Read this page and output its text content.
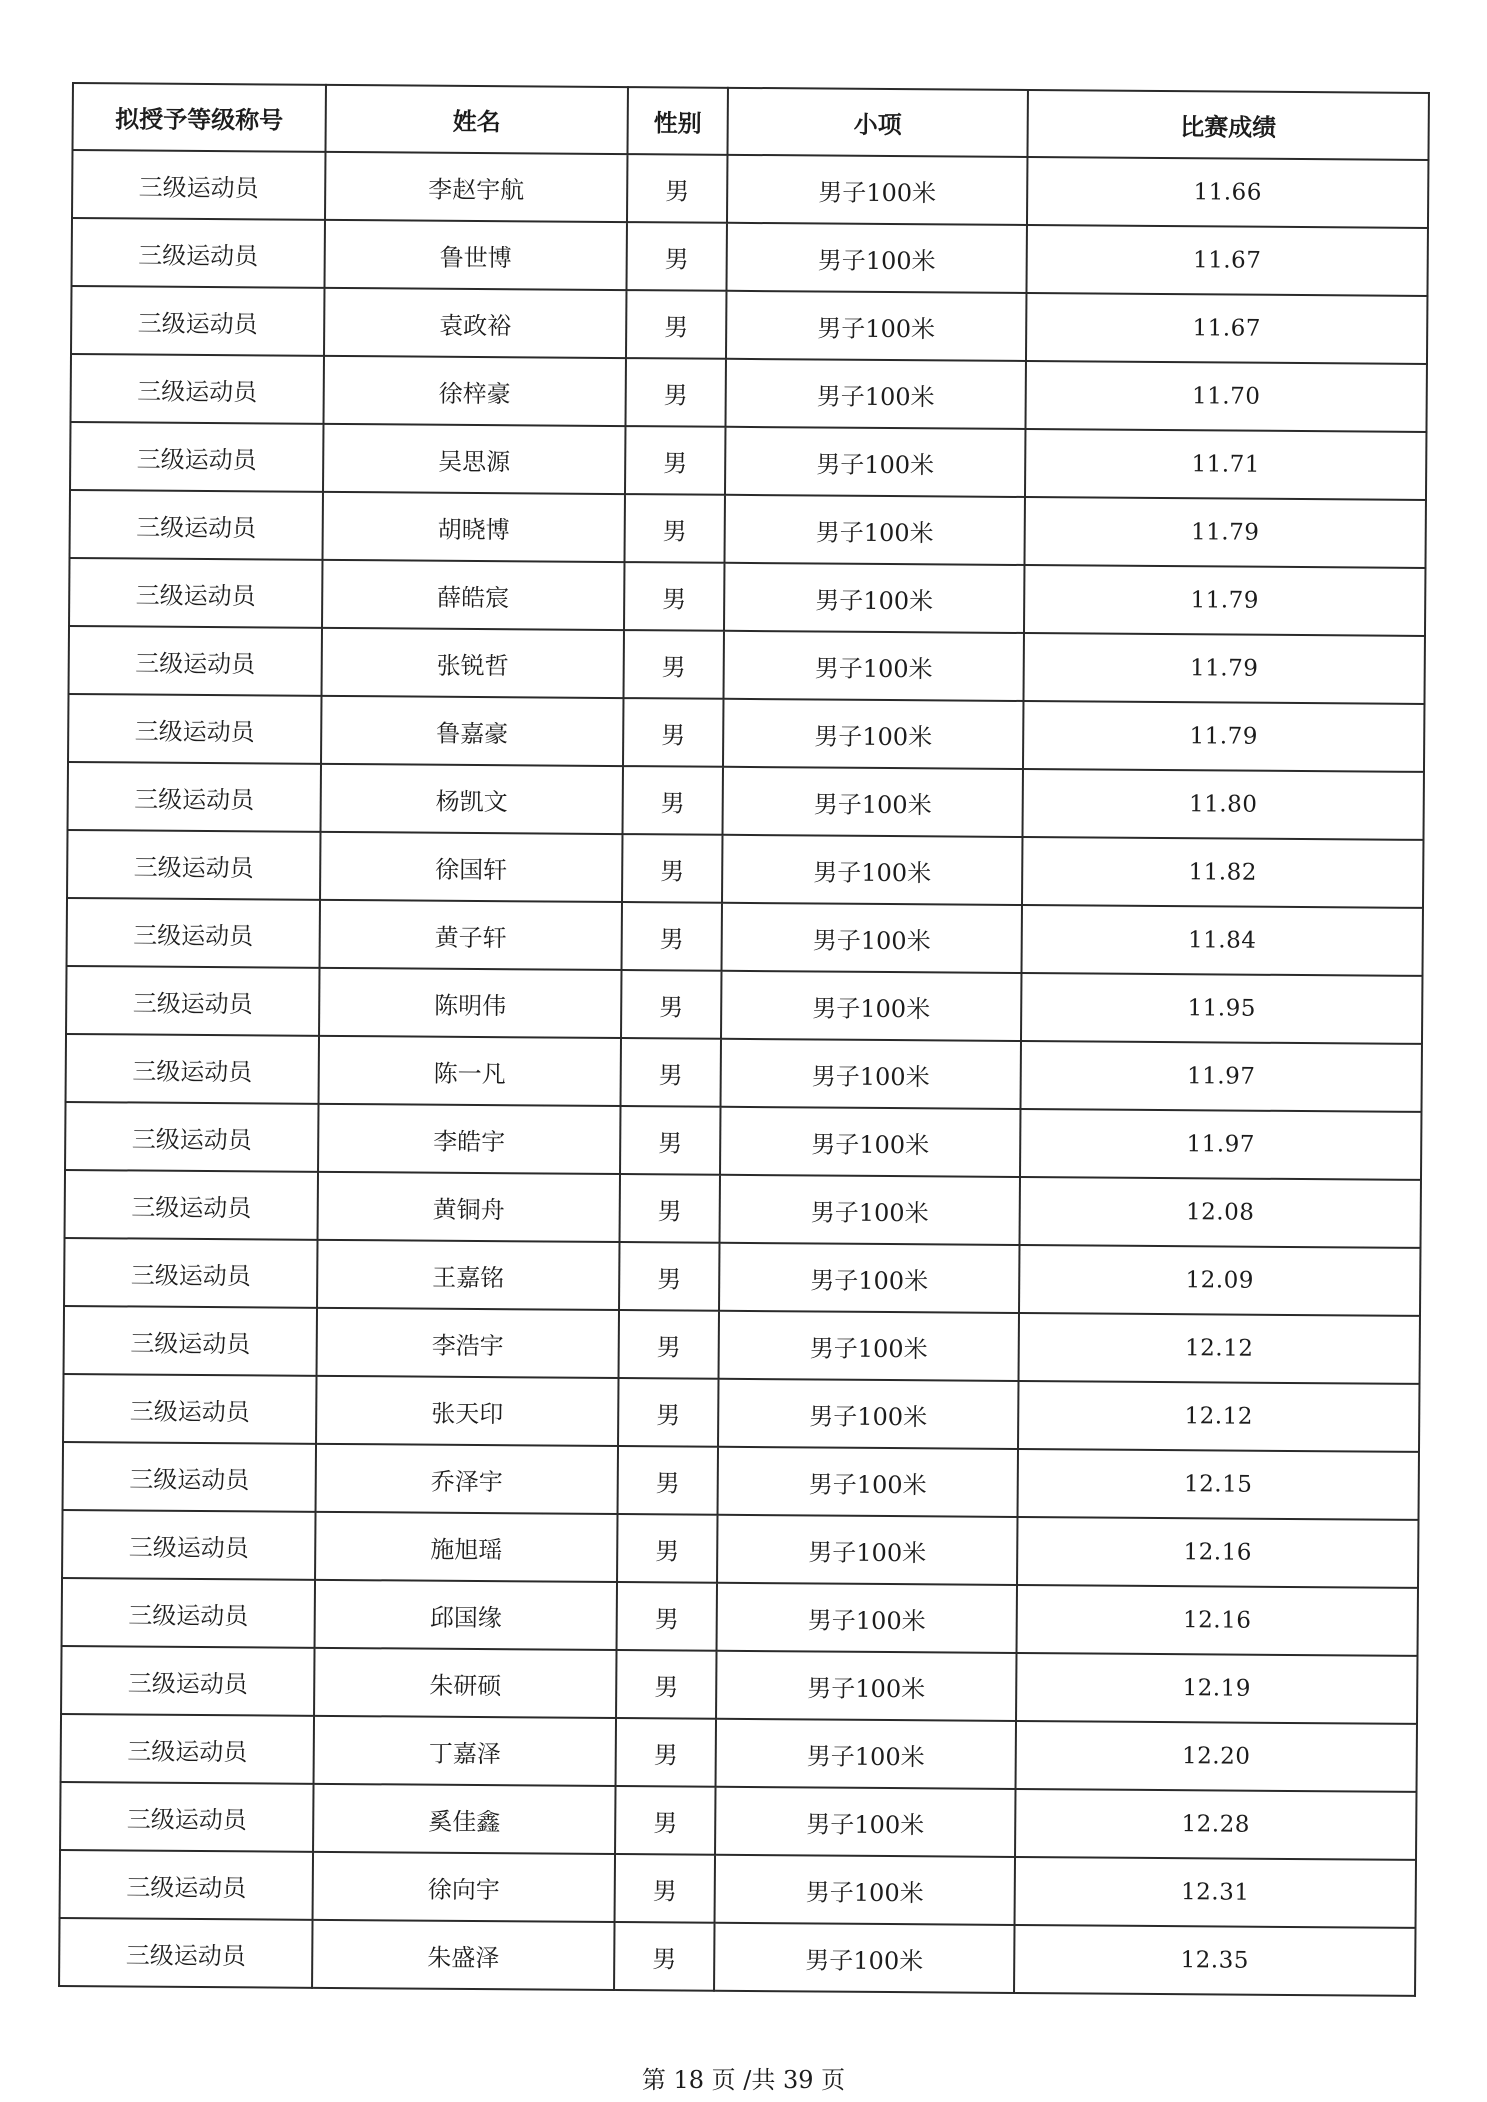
拟授予等级称号	姓名	性别	小项	比赛成绩
三级运动员	李赵宇航	男	男子100米	11.66
三级运动员	鲁世博	男	男子100米	11.67
三级运动员	袁政裕	男	男子100米	11.67
三级运动员	徐梓豪	男	男子100米	11.70
三级运动员	吴思源	男	男子100米	11.71
三级运动员	胡晓博	男	男子100米	11.79
三级运动员	薛皓宸	男	男子100米	11.79
三级运动员	张锐哲	男	男子100米	11.79
三级运动员	鲁嘉豪	男	男子100米	11.79
三级运动员	杨凯文	男	男子100米	11.80
三级运动员	徐国轩	男	男子100米	11.82
三级运动员	黄子轩	男	男子100米	11.84
三级运动员	陈明伟	男	男子100米	11.95
三级运动员	陈一凡	男	男子100米	11.97
三级运动员	李皓宇	男	男子100米	11.97
三级运动员	黄铜舟	男	男子100米	12.08
三级运动员	王嘉铭	男	男子100米	12.09
三级运动员	李浩宇	男	男子100米	12.12
三级运动员	张天印	男	男子100米	12.12
三级运动员	乔泽宇	男	男子100米	12.15
三级运动员	施旭瑶	男	男子100米	12.16
三级运动员	邱国缘	男	男子100米	12.16
三级运动员	朱研硕	男	男子100米	12.19
三级运动员	丁嘉泽	男	男子100米	12.20
三级运动员	奚佳鑫	男	男子100米	12.28
三级运动员	徐向宇	男	男子100米	12.31
三级运动员	朱盛泽	男	男子100米	12.35
第 18 页 /共 39 页
